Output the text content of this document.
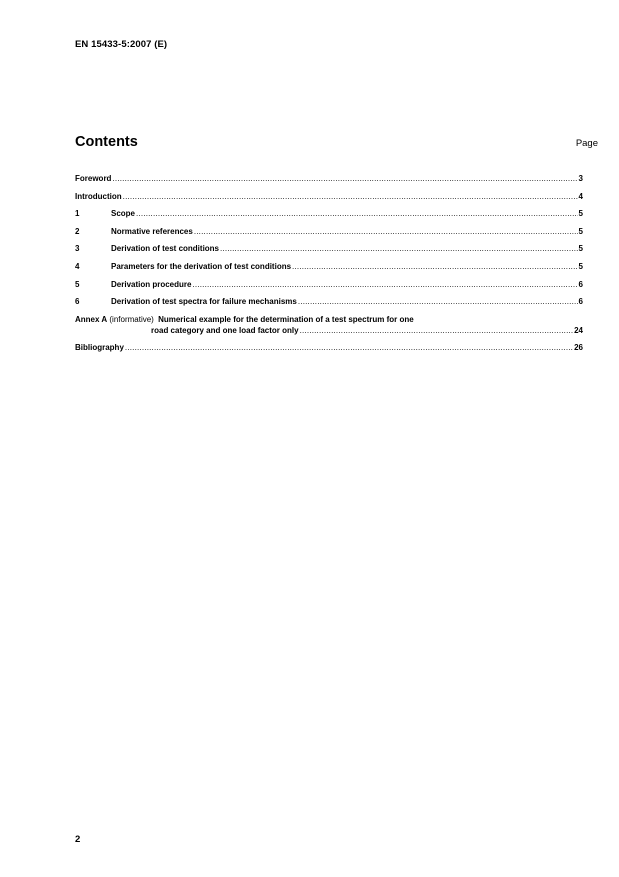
EN 15433-5:2007 (E)
Contents	Page
Foreword .....	3
Introduction .....	4
1	Scope .....	5
2	Normative references .....	5
3	Derivation of test conditions .....	5
4	Parameters for the derivation of test conditions .....	5
5	Derivation procedure .....	6
6	Derivation of test spectra for failure mechanisms .....	6
Annex A (informative) Numerical example for the determination of a test spectrum for one
road category and one load factor only .....	24
Bibliography .....	26
2
